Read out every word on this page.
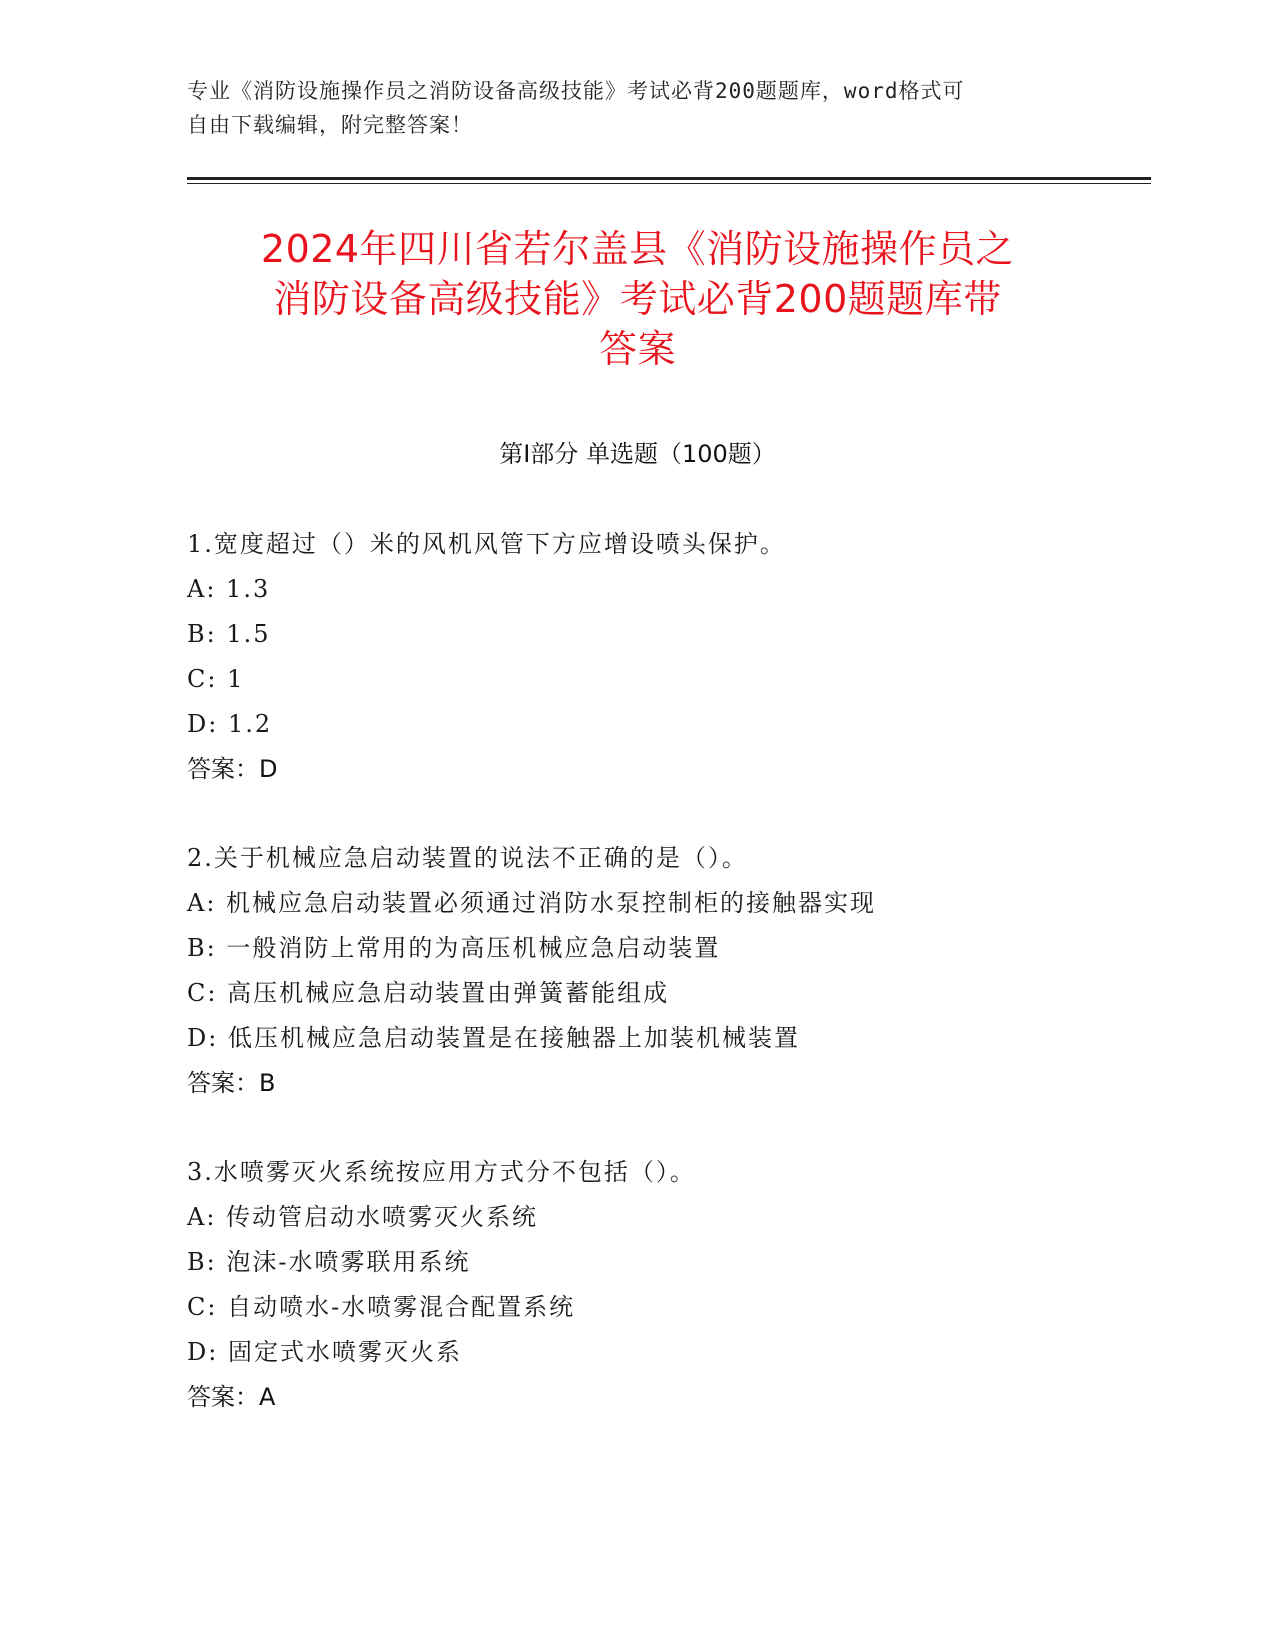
专业《消防设施操作员之消防设备高级技能》考试必背200题题库，word格式可
自由下载编辑，附完整答案！
2024年四川省若尔盖县《消防设施操作员之
消防设备高级技能》考试必背200题题库带
答案
第Ⅰ部分 单选题（100题）
1.宽度超过（）米的风机风管下方应增设喷头保护。
A: 1.3
B: 1.5
C: 1
D: 1.2
答案：D
2.关于机械应急启动装置的说法不正确的是（）。
A: 机械应急启动装置必须通过消防水泵控制柜的接触器实现
B: 一般消防上常用的为高压机械应急启动装置
C: 高压机械应急启动装置由弹簧蓄能组成
D: 低压机械应急启动装置是在接触器上加装机械装置
答案：B
3.水喷雾灭火系统按应用方式分不包括（）。
A: 传动管启动水喷雾灭火系统
B: 泡沫-水喷雾联用系统
C: 自动喷水-水喷雾混合配置系统
D: 固定式水喷雾灭火系
答案：A
